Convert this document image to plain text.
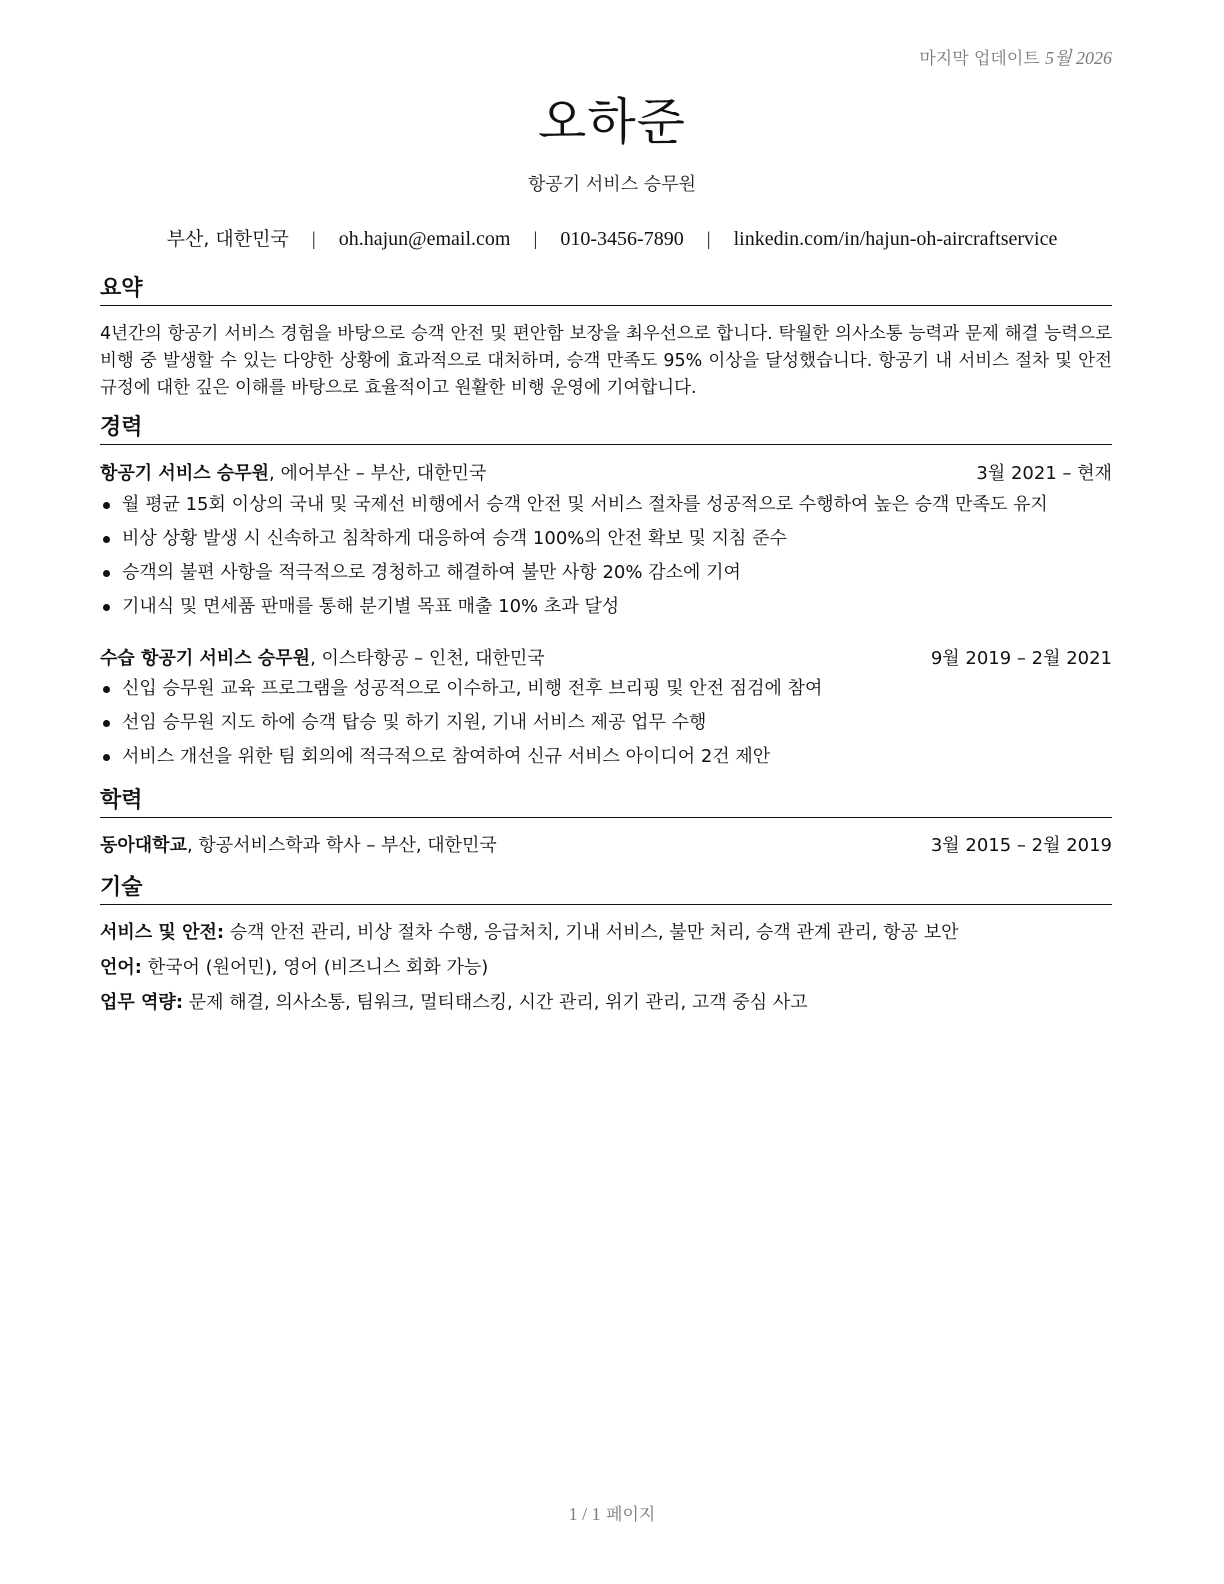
마지막 업데이트 5월 2026
오하준
항공기 서비스 승무원
부산, 대한민국 | oh.hajun@email.com | 010-3456-7890 | linkedin.com/in/hajun-oh-aircraftservice
요약
4년간의 항공기 서비스 경험을 바탕으로 승객 안전 및 편안함 보장을 최우선으로 합니다. 탁월한 의사소통 능력과 문제 해결 능력으로 비행 중 발생할 수 있는 다양한 상황에 효과적으로 대처하며, 승객 만족도 95% 이상을 달성했습니다. 항공기 내 서비스 절차 및 안전 규정에 대한 깊은 이해를 바탕으로 효율적이고 원활한 비행 운영에 기여합니다.
경력
항공기 서비스 승무원, 에어부산 – 부산, 대한민국	3월 2021 – 현재
월 평균 15회 이상의 국내 및 국제선 비행에서 승객 안전 및 서비스 절차를 성공적으로 수행하여 높은 승객 만족도 유지
비상 상황 발생 시 신속하고 침착하게 대응하여 승객 100%의 안전 확보 및 지침 준수
승객의 불편 사항을 적극적으로 경청하고 해결하여 불만 사항 20% 감소에 기여
기내식 및 면세품 판매를 통해 분기별 목표 매출 10% 초과 달성
수습 항공기 서비스 승무원, 이스타항공 – 인천, 대한민국	9월 2019 – 2월 2021
신입 승무원 교육 프로그램을 성공적으로 이수하고, 비행 전후 브리핑 및 안전 점검에 참여
선임 승무원 지도 하에 승객 탑승 및 하기 지원, 기내 서비스 제공 업무 수행
서비스 개선을 위한 팀 회의에 적극적으로 참여하여 신규 서비스 아이디어 2건 제안
학력
동아대학교, 항공서비스학과 학사 – 부산, 대한민국	3월 2015 – 2월 2019
기술
서비스 및 안전: 승객 안전 관리, 비상 절차 수행, 응급처치, 기내 서비스, 불만 처리, 승객 관계 관리, 항공 보안
언어: 한국어 (원어민), 영어 (비즈니스 회화 가능)
업무 역량: 문제 해결, 의사소통, 팀워크, 멀티태스킹, 시간 관리, 위기 관리, 고객 중심 사고
1 / 1 페이지
